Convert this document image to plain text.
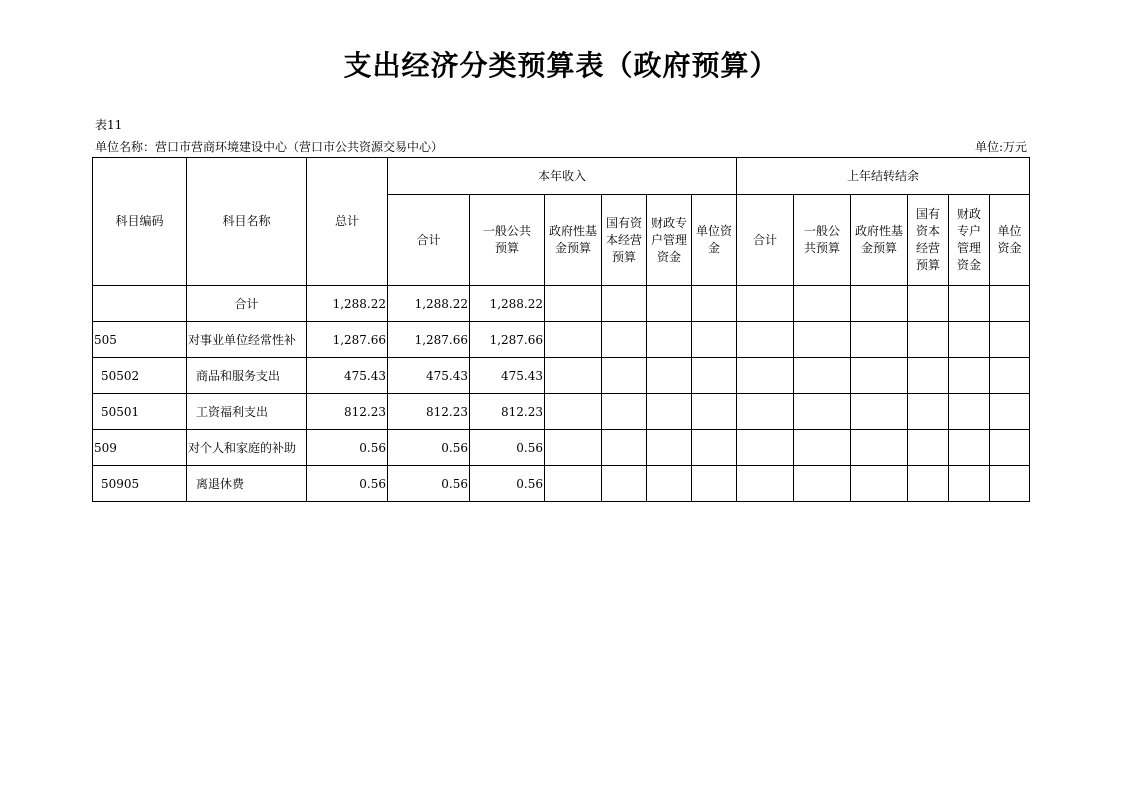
支出经济分类预算表（政府预算）
表11
单位名称：营口市营商环境建设中心（营口市公共资源交易中心）	单位:万元
科目编码	科目名称	总计	本年收入						上年结转结余					
			合计	一般公共预算	政府性基金预算	国有资本经营预算	财政专户管理资金	单位资金	合计	一般公共预算	政府性基金预算	国有资本经营预算	财政专户管理资金	单位资金
	合计	1,288.22	1,288.22	1,288.22										
505	对事业单位经常性补	1,287.66	1,287.66	1,287.66										
50502	商品和服务支出	475.43	475.43	475.43										
50501	工资福利支出	812.23	812.23	812.23										
509	对个人和家庭的补助	0.56	0.56	0.56										
50905	离退休费	0.56	0.56	0.56										
